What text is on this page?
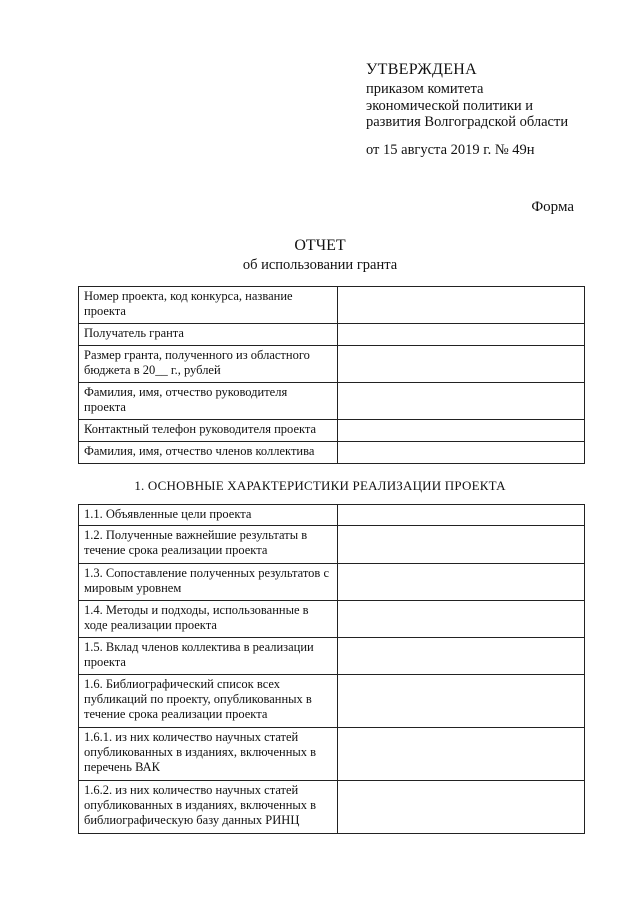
УТВЕРЖДЕНА
приказом комитета
экономической политики и
развития Волгоградской области
от 15 августа 2019 г. № 49н
Форма
ОТЧЕТ
об использовании гранта
Номер проекта, код конкурса, название проекта	
Получатель гранта	
Размер гранта, полученного из областного бюджета в 20__ г., рублей	
Фамилия, имя, отчество руководителя проекта	
Контактный телефон руководителя проекта	
Фамилия, имя, отчество членов коллектива	
1. ОСНОВНЫЕ ХАРАКТЕРИСТИКИ РЕАЛИЗАЦИИ ПРОЕКТА
1.1. Объявленные цели проекта	
1.2. Полученные важнейшие результаты в течение срока реализации проекта	
1.3. Сопоставление полученных результатов с мировым уровнем	
1.4. Методы и подходы, использованные в ходе реализации проекта	
1.5. Вклад членов коллектива в реализации проекта	
1.6. Библиографический список всех публикаций по проекту, опубликованных в течение срока реализации проекта	
1.6.1. из них количество научных статей опубликованных в изданиях, включенных в перечень ВАК	
1.6.2. из них количество научных статей опубликованных в изданиях, включенных в библиографическую базу данных РИНЦ	
